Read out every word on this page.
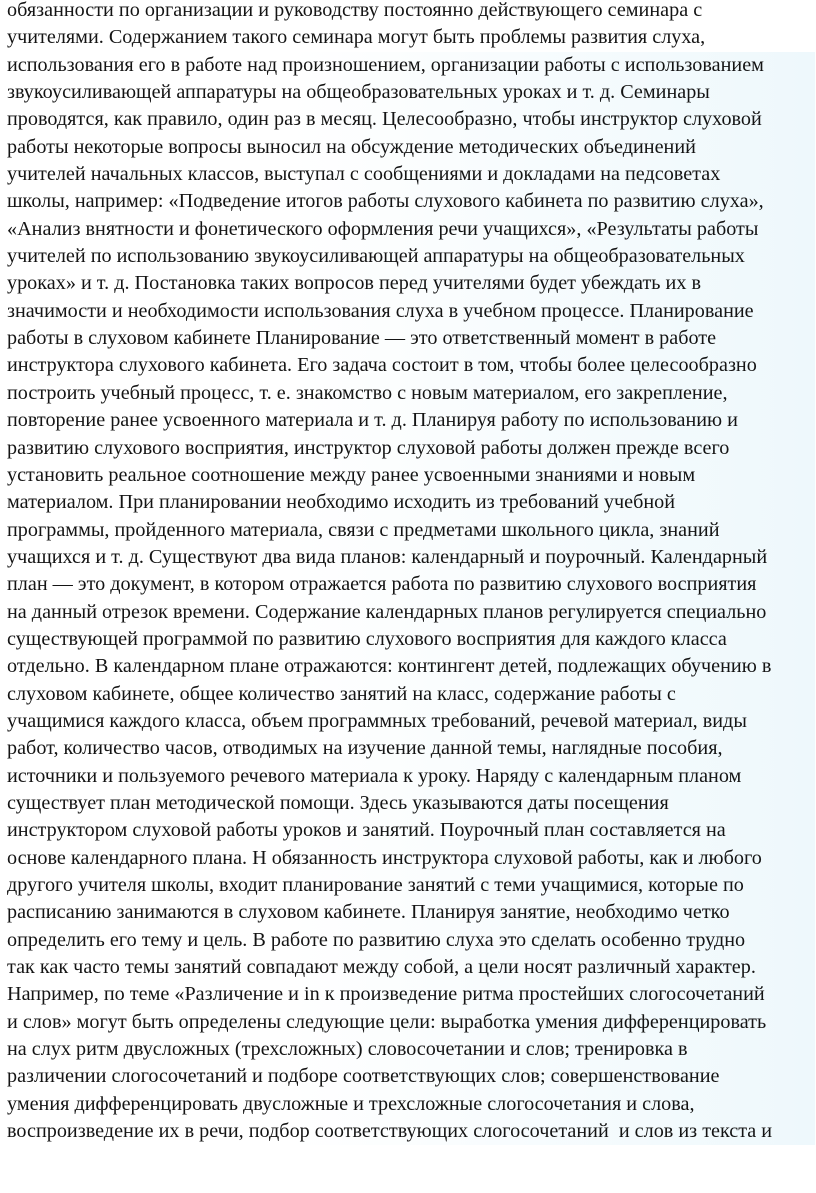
обязанности по организации и руководству постоянно действующего семинара с
учителями. Содержанием такого семинара могут быть проблемы развития слуха,
использования его в работе над произношением, организации работы с использованием
звукоусиливающей аппаратуры на общеобразовательных уроках и т. д. Семинары
проводятся, как правило, один раз в месяц. Целесообразно, чтобы инструктор слуховой
работы некоторые вопросы выносил на обсуждение методических объединений
учителей начальных классов, выступал с сообщениями и докладами на педсоветах
школы, например: «Подведение итогов работы слухового кабинета по развитию слуха»,
«Анализ внятности и фонетического оформления речи учащихся», «Результаты работы
учителей по использованию звукоусиливающей аппаратуры на общеобразовательных
уроках» и т. д. Постановка таких вопросов перед учителями будет убеждать их в
значимости и необходимости использования слуха в учебном процессе. Планирование
работы в слуховом кабинете Планирование — это ответственный момент в работе
инструктора слухового кабинета. Его задача состоит в том, чтобы более целесообразно
построить учебный процесс, т. е. знакомство с новым материалом, его закрепление,
повторение ранее усвоенного материала и т. д. Планируя работу по использованию и
развитию слухового восприятия, инструктор слуховой работы должен прежде всего
установить реальное соотношение между ранее усвоенными знаниями и новым
материалом. При планировании необходимо исходить из требований учебной
программы, пройденного материала, связи с предметами школьного цикла, знаний
учащихся и т. д. Существуют два вида планов: календарный и поурочный. Календарный
план — это документ, в котором отражается работа по развитию слухового восприятия
на данный отрезок времени. Содержание календарных планов регулируется специально
существующей программой по развитию слухового восприятия для каждого класса
отдельно. В календарном плане отражаются: контингент детей, подлежащих обучению в
слуховом кабинете, общее количество занятий на класс, содержание работы с
учащимися каждого класса, объем программных требований, речевой материал, виды
работ, количество часов, отводимых на изучение данной темы, наглядные пособия,
источники и пользуемого речевого материала к уроку. Наряду с календарным планом
существует план методической помощи. Здесь указываются даты посещения
инструктором слуховой работы уроков и занятий. Поурочный план составляется на
основе календарного плана. Н обязанность инструктора слуховой работы, как и любого
другого учителя школы, входит планирование занятий с теми учащимися, которые по
расписанию занимаются в слуховом кабинете. Планируя занятие, необходимо четко
определить его тему и цель. В работе по развитию слуха это сделать особенно трудно
так как часто темы занятий совпадают между собой, а цели носят различный характер.
Например, по теме «Различение и in к произведение ритма простейших слогосочетаний
и слов» могут быть определены следующие цели: выработка умения дифференцировать
на слух ритм двусложных (трехсложных) словосочетании и слов; тренировка в
различении слогосочетаний и подборе соответствующих слов; совершенствование
умения дифференцировать двусложные и трехсложные слогосочетания и слова,
воспроизведение их в речи, подбор соответствующих слогосочетаний  и слов из текста и
